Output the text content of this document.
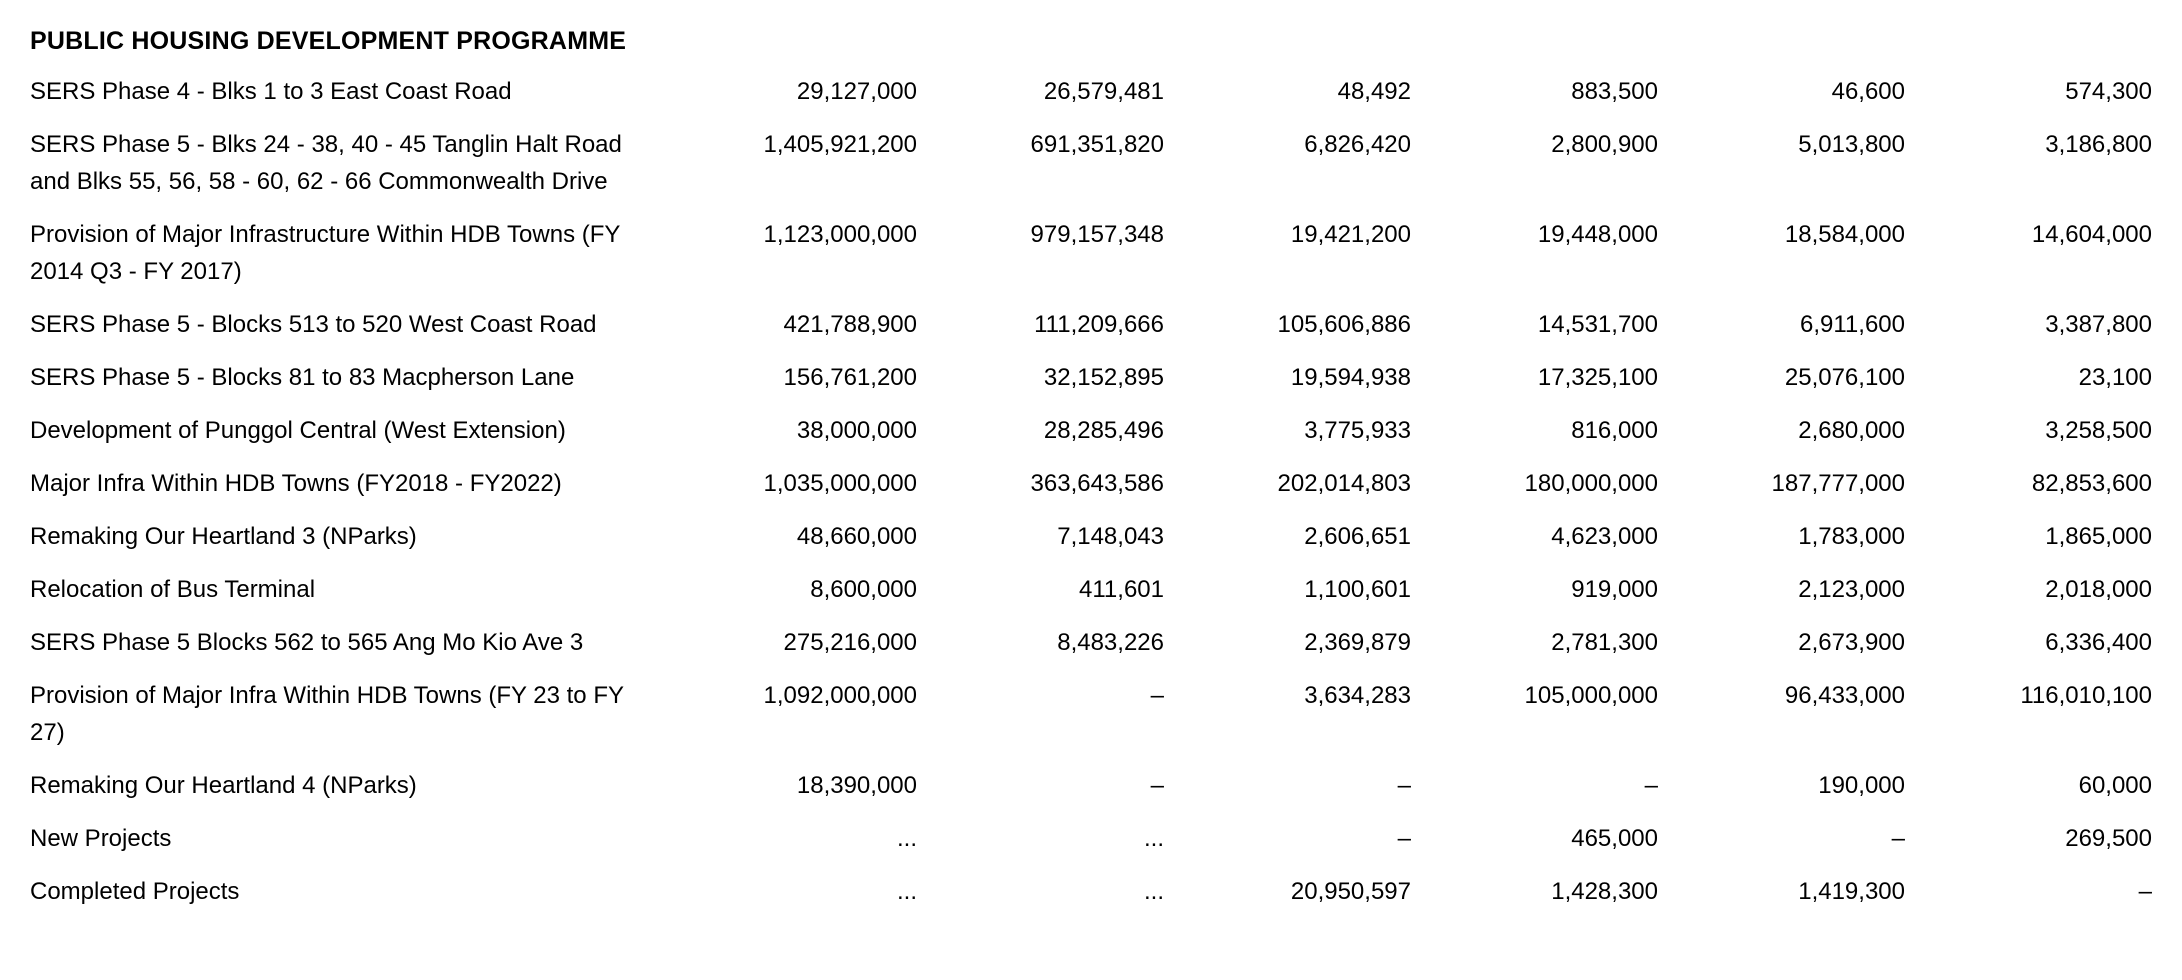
PUBLIC HOUSING DEVELOPMENT PROGRAMME
SERS Phase 4 - Blks 1 to 3 East Coast Road	29,127,000	26,579,481	48,492	883,500	46,600	574,300
SERS Phase 5 - Blks 24 - 38, 40 - 45 Tanglin Halt Road and Blks 55, 56, 58 - 60, 62 - 66 Commonwealth Drive	1,405,921,200	691,351,820	6,826,420	2,800,900	5,013,800	3,186,800
Provision of Major Infrastructure Within HDB Towns (FY 2014 Q3 - FY 2017)	1,123,000,000	979,157,348	19,421,200	19,448,000	18,584,000	14,604,000
SERS Phase 5 - Blocks 513 to 520 West Coast Road	421,788,900	111,209,666	105,606,886	14,531,700	6,911,600	3,387,800
SERS Phase 5 - Blocks 81 to 83 Macpherson Lane	156,761,200	32,152,895	19,594,938	17,325,100	25,076,100	23,100
Development of Punggol Central (West Extension)	38,000,000	28,285,496	3,775,933	816,000	2,680,000	3,258,500
Major Infra Within HDB Towns (FY2018 - FY2022)	1,035,000,000	363,643,586	202,014,803	180,000,000	187,777,000	82,853,600
Remaking Our Heartland 3 (NParks)	48,660,000	7,148,043	2,606,651	4,623,000	1,783,000	1,865,000
Relocation of Bus Terminal	8,600,000	411,601	1,100,601	919,000	2,123,000	2,018,000
SERS Phase 5 Blocks 562 to 565 Ang Mo Kio Ave 3	275,216,000	8,483,226	2,369,879	2,781,300	2,673,900	6,336,400
Provision of Major Infra Within HDB Towns (FY 23 to FY 27)	1,092,000,000	–	3,634,283	105,000,000	96,433,000	116,010,100
Remaking Our Heartland 4 (NParks)	18,390,000	–	–	–	190,000	60,000
New Projects	...	...	–	465,000	–	269,500
Completed Projects	...	...	20,950,597	1,428,300	1,419,300	–
